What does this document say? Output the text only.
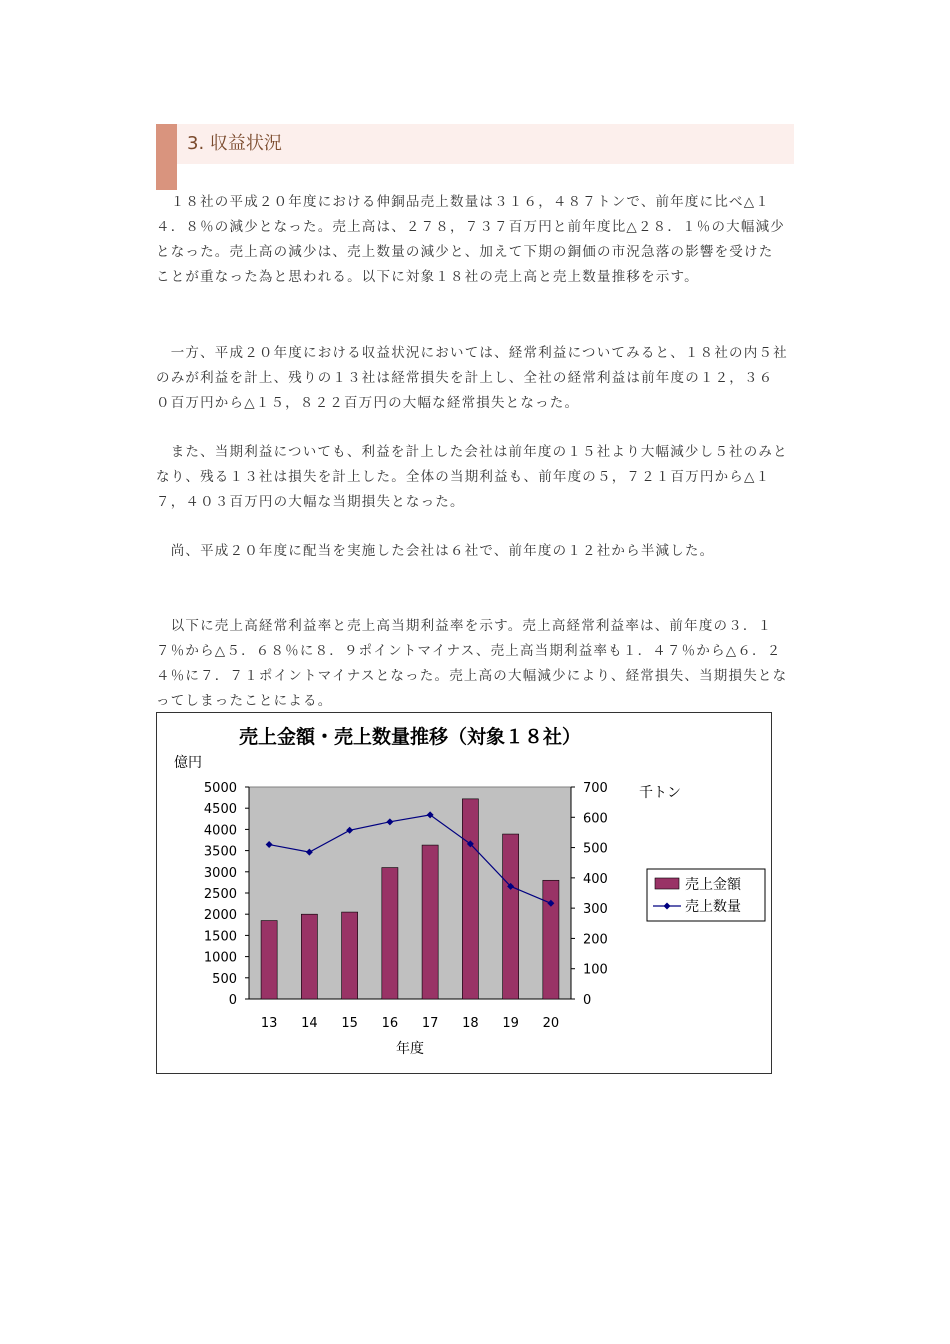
3. 収益状況

　１８社の平成２０年度における伸銅品売上数量は３１６，４８７トンで、前年度に比べ△１４．８％の減少となった。売上高は、２７８，７３７百万円と前年度比△２８．１％の大幅減少となった。売上高の減少は、売上数量の減少と、加えて下期の銅価の市況急落の影響を受けたことが重なった為と思われる。以下に対象１８社の売上高と売上数量推移を示す。

　一方、平成２０年度における収益状況においては、経常利益についてみると、１８社の内５社のみが利益を計上、残りの１３社は経常損失を計上し、全社の経常利益は前年度の１２，３６０百万円から△１５，８２２百万円の大幅な経常損失となった。

　また、当期利益についても、利益を計上した会社は前年度の１５社より大幅減少し５社のみとなり、残る１３社は損失を計上した。全体の当期利益も、前年度の５，７２１百万円から△１７，４０３百万円の大幅な当期損失となった。

　尚、平成２０年度に配当を実施した会社は６社で、前年度の１２社から半減した。

　以下に売上高経常利益率と売上高当期利益率を示す。売上高経常利益率は、前年度の３．１７％から△５．６８％に８．９ポイントマイナス、売上高当期利益率も１．４７％から△６．２４％に７．７１ポイントマイナスとなった。売上高の大幅減少により、経常損失、当期損失となってしまったことによる。

売上金額・売上数量推移（対象１８社）
億円
千トン
0
500
1000
1500
2000
2500
3000
3500
4000
4500
5000
0
100
200
300
400
500
600
700
13 14 15 16 17 18 19 20
年度
売上金額
売上数量
